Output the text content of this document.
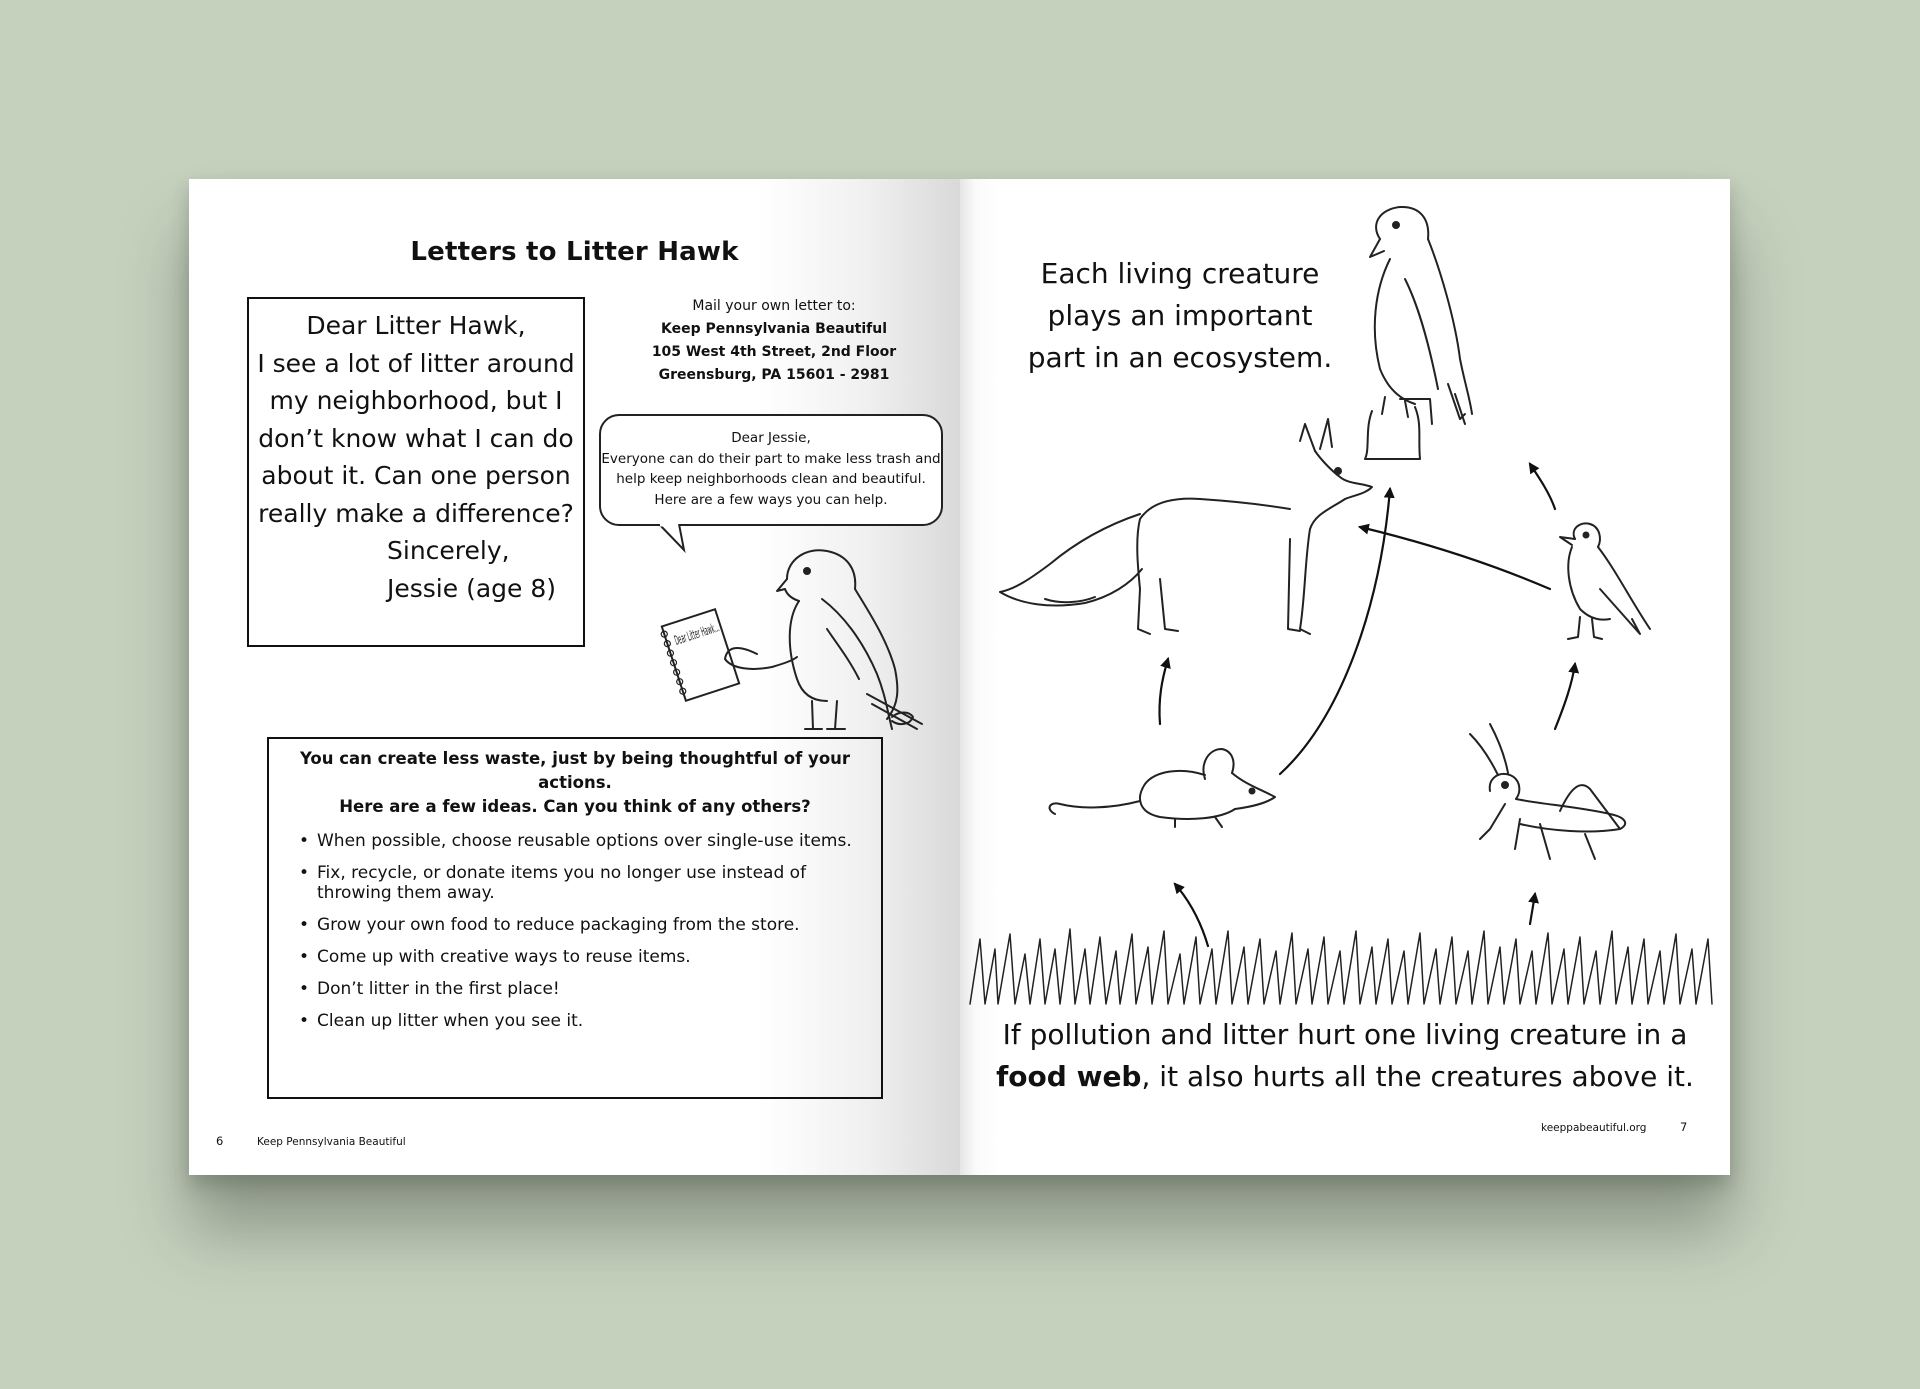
Letters to Litter Hawk
Dear Litter Hawk,
I see a lot of litter around
my neighborhood, but I
don’t know what I can do
about it. Can one person
really make a difference?
Sincerely,
Jessie (age 8)
Mail your own letter to:
Keep Pennsylvania Beautiful
105 West 4th Street, 2nd Floor
Greensburg, PA 15601 - 2981
Dear Jessie,
Everyone can do their part to make less trash and
help keep neighborhoods clean and beautiful.
Here are a few ways you can help.
Dear Litter Hawk...
You can create less waste, just by being thoughtful of your actions.
Here are a few ideas. Can you think of any others?
• When possible, choose reusable options over single-use items.
• Fix, recycle, or donate items you no longer use instead of throwing them away.
• Grow your own food to reduce packaging from the store.
• Come up with creative ways to reuse items.
• Don’t litter in the first place!
• Clean up litter when you see it.
6	Keep Pennsylvania Beautiful
Each living creature
plays an important
part in an ecosystem.
If pollution and litter hurt one living creature in a
food web, it also hurts all the creatures above it.
keeppabeautiful.org	7
